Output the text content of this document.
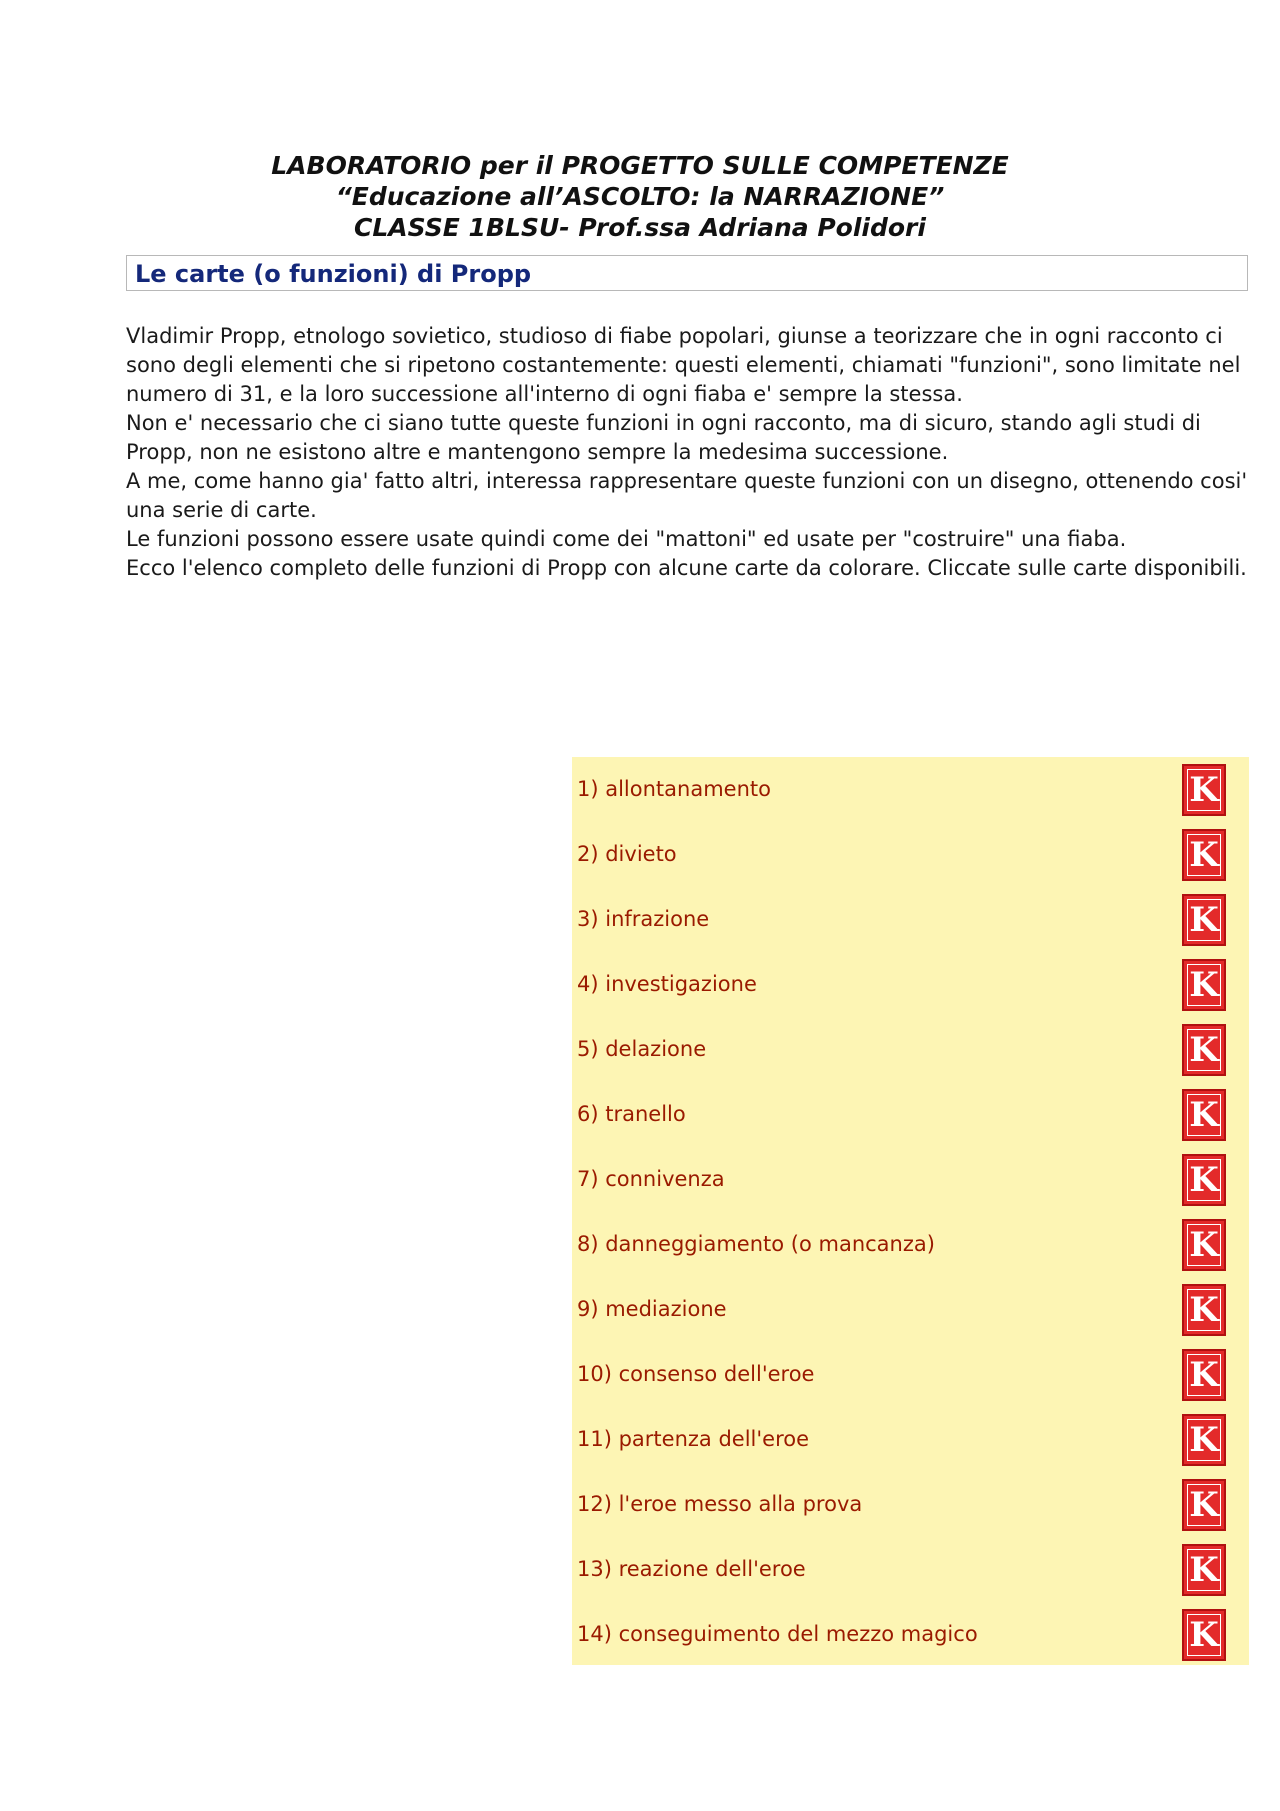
LABORATORIO per il PROGETTO SULLE COMPETENZE
“Educazione all’ASCOLTO: la NARRAZIONE”
CLASSE 1BLSU- Prof.ssa Adriana Polidori
Le carte (o funzioni) di Propp

Vladimir Propp, etnologo sovietico, studioso di fiabe popolari, giunse a teorizzare che in ogni racconto ci sono degli elementi che si ripetono costantemente: questi elementi, chiamati "funzioni", sono limitate nel numero di 31, e la loro successione all'interno di ogni fiaba e' sempre la stessa.

Non e' necessario che ci siano tutte queste funzioni in ogni racconto, ma di sicuro, stando agli studi di Propp, non ne esistono altre e mantengono sempre la medesima successione.

A me, come hanno gia' fatto altri, interessa rappresentare queste funzioni con un disegno, ottenendo cosi' una serie di carte.

Le funzioni possono essere usate quindi come dei "mattoni" ed usate per "costruire" una fiaba.

Ecco l'elenco completo delle funzioni di Propp con alcune carte da colorare. Cliccate sulle carte disponibili.

1) allontanamento	K
2) divieto	K
3) infrazione	K
4) investigazione	K
5) delazione	K
6) tranello	K
7) connivenza	K
8) danneggiamento (o mancanza)	K
9) mediazione	K
10) consenso dell'eroe	K
11) partenza dell'eroe	K
12) l'eroe messo alla prova	K
13) reazione dell'eroe	K
14) conseguimento del mezzo magico	K
